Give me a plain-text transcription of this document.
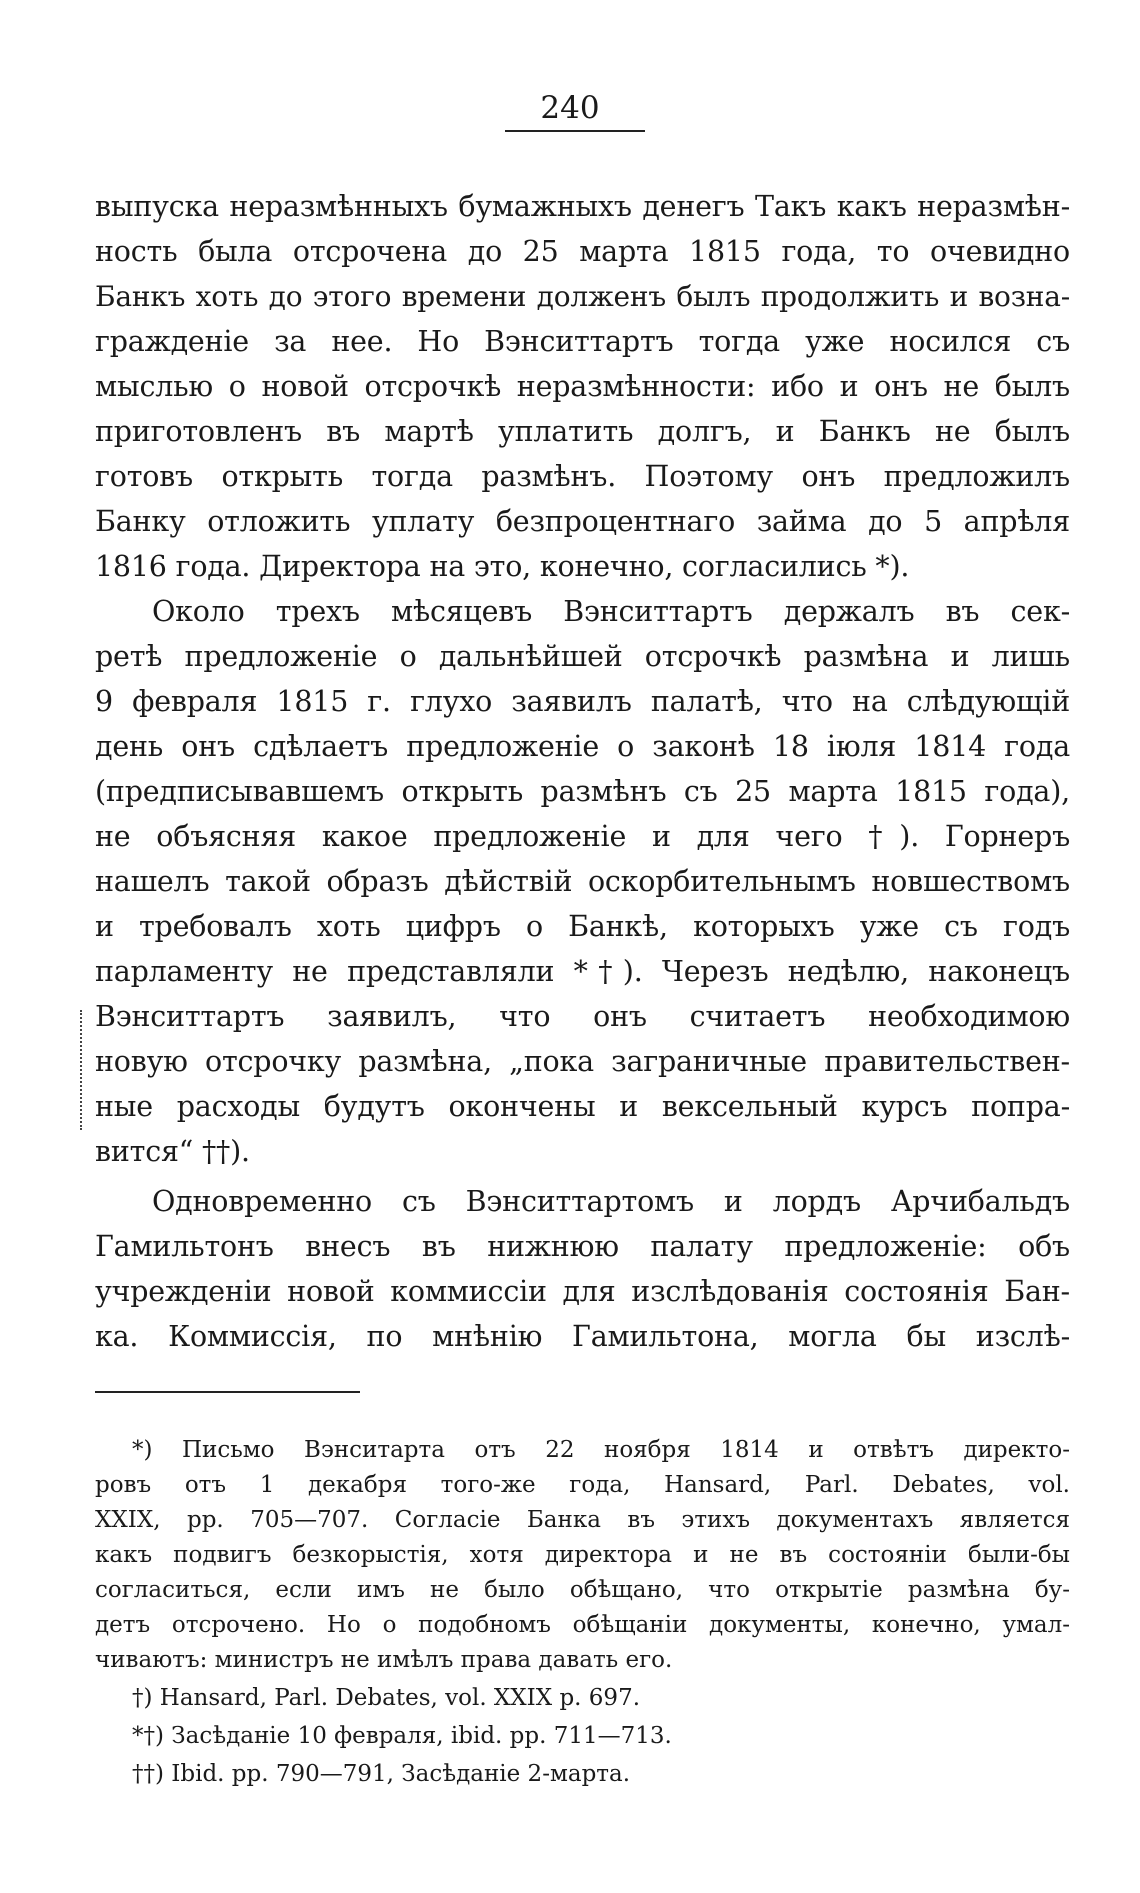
240
выпуска неразмѣнныхъ бумажныхъ денегъ Такъ какъ неразмѣн-
ность была отсрочена до 25 марта 1815 года, то очевидно
Банкъ хоть до этого времени долженъ былъ продолжить и возна-
гражденіе за нее. Но Вэнситтартъ тогда уже носился съ
мыслью о новой отсрочкѣ неразмѣнности: ибо и онъ не былъ
приготовленъ въ мартѣ уплатить долгъ, и Банкъ не былъ
готовъ открыть тогда размѣнъ. Поэтому онъ предложилъ
Банку отложить уплату безпроцентнаго займа до 5 апрѣля
1816 года. Директора на это, конечно, согласились *).
Около трехъ мѣсяцевъ Вэнситтартъ держалъ въ сек-
ретѣ предложеніе о дальнѣйшей отсрочкѣ размѣна и лишь
9 февраля 1815 г. глухо заявилъ палатѣ, что на слѣдующій
день онъ сдѣлаетъ предложеніе о законѣ 18 іюля 1814 года
(предписывавшемъ открыть размѣнъ съ 25 марта 1815 года),
не объясняя какое предложеніе и для чего †). Горнеръ
нашелъ такой образъ дѣйствій оскорбительнымъ новшествомъ
и требовалъ хоть цифръ о Банкѣ, которыхъ уже съ годъ
парламенту не представляли *†). Черезъ недѣлю, наконецъ
Вэнситтартъ заявилъ, что онъ считаетъ необходимою
новую отсрочку размѣна, „пока заграничные правительствен-
ные расходы будутъ окончены и вексельный курсъ попра-
вится“ ††).
Одновременно съ Вэнситтартомъ и лордъ Арчибальдъ
Гамильтонъ внесъ въ нижнюю палату предложеніе: объ
учрежденіи новой коммиссіи для изслѣдованія состоянія Бан-
ка. Коммиссія, по мнѣнію Гамильтона, могла бы изслѣ-
*) Письмо Вэнситарта отъ 22 ноября 1814 и отвѣтъ директо-
ровъ отъ 1 декабря того-же года, Hansard, Parl. Debates, vol.
XXIX, pp. 705—707. Согласіе Банка въ этихъ документахъ является
какъ подвигъ безкорыстія, хотя директора и не въ состояніи были-бы
согласиться, если имъ не было обѣщано, что открытіе размѣна бу-
детъ отсрочено. Но о подобномъ обѣщаніи документы, конечно, умал-
чиваютъ: министръ не имѣлъ права давать его.
†) Hansard, Parl. Debates, vol. XXIX p. 697.
*†) Засѣданіе 10 февраля, ibid. pp. 711—713.
††) Ibid. pp. 790—791, Засѣданіе 2-марта.
